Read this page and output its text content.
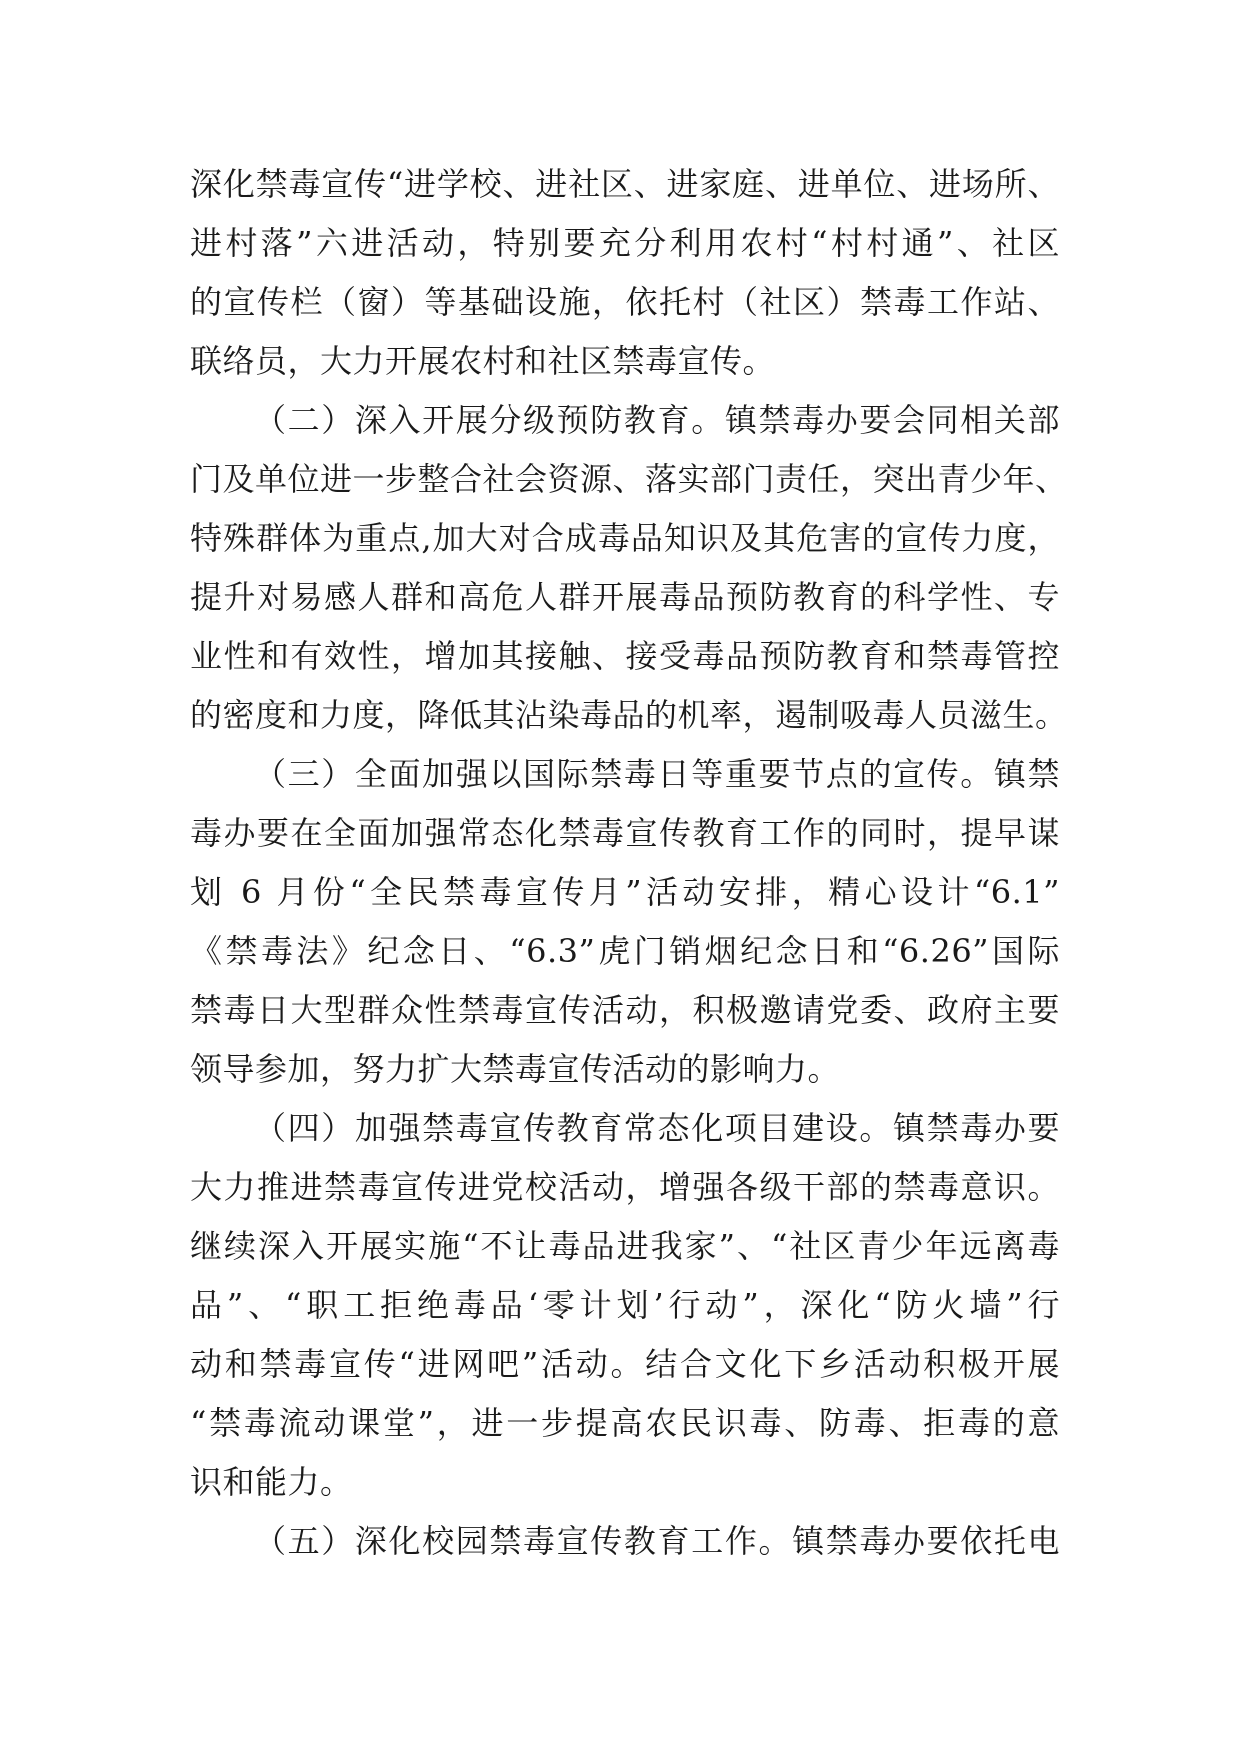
深化禁毒宣传“进学校、进社区、进家庭、进单位、进场所、
进村落”六进活动，特别要充分利用农村“村村通”、社区
的宣传栏（窗）等基础设施，依托村（社区）禁毒工作站、
联络员，大力开展农村和社区禁毒宣传。
（二）深入开展分级预防教育。镇禁毒办要会同相关部
门及单位进一步整合社会资源、落实部门责任，突出青少年、
特殊群体为重点,加大对合成毒品知识及其危害的宣传力度，
提升对易感人群和高危人群开展毒品预防教育的科学性、专
业性和有效性，增加其接触、接受毒品预防教育和禁毒管控
的密度和力度，降低其沾染毒品的机率，遏制吸毒人员滋生。
（三）全面加强以国际禁毒日等重要节点的宣传。镇禁
毒办要在全面加强常态化禁毒宣传教育工作的同时，提早谋
划 6 月份“全民禁毒宣传月”活动安排，精心设计“6.1”
《禁毒法》纪念日、“6.3”虎门销烟纪念日和“6.26”国际
禁毒日大型群众性禁毒宣传活动，积极邀请党委、政府主要
领导参加，努力扩大禁毒宣传活动的影响力。
（四）加强禁毒宣传教育常态化项目建设。镇禁毒办要
大力推进禁毒宣传进党校活动，增强各级干部的禁毒意识。
继续深入开展实施“不让毒品进我家”、“社区青少年远离毒
品”、“职工拒绝毒品‘零计划’行动”，深化“防火墙”行
动和禁毒宣传“进网吧”活动。结合文化下乡活动积极开展
“禁毒流动课堂”，进一步提高农民识毒、防毒、拒毒的意
识和能力。
（五）深化校园禁毒宣传教育工作。镇禁毒办要依托电
